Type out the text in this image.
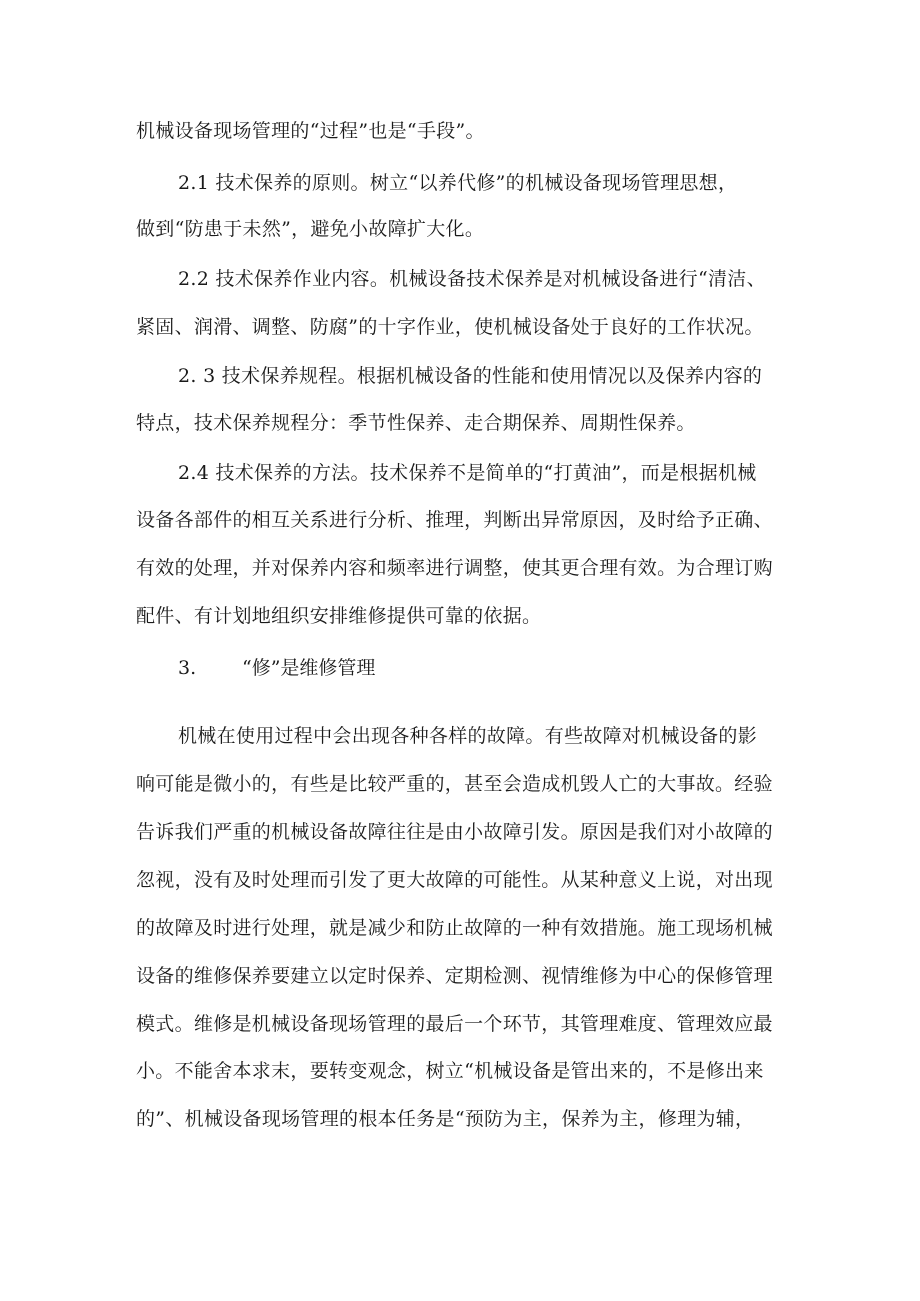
机械设备现场管理的“过程”也是“手段”。

2.1 技术保养的原则。树立“以养代修”的机械设备现场管理思想，

做到“防患于未然”，避免小故障扩大化。

2.2 技术保养作业内容。机械设备技术保养是对机械设备进行“清洁、

紧固、润滑、调整、防腐”的十字作业，使机械设备处于良好的工作状况。

2. 3 技术保养规程。根据机械设备的性能和使用情况以及保养内容的

特点，技术保养规程分：季节性保养、走合期保养、周期性保养。

2.4 技术保养的方法。技术保养不是简单的“打黄油”，而是根据机械

设备各部件的相互关系进行分析、推理，判断出异常原因，及时给予正确、

有效的处理，并对保养内容和频率进行调整，使其更合理有效。为合理订购

配件、有计划地组织安排维修提供可靠的依据。

3. “修”是维修管理

机械在使用过程中会出现各种各样的故障。有些故障对机械设备的影

响可能是微小的，有些是比较严重的，甚至会造成机毁人亡的大事故。经验

告诉我们严重的机械设备故障往往是由小故障引发。原因是我们对小故障的

忽视，没有及时处理而引发了更大故障的可能性。从某种意义上说，对出现

的故障及时进行处理，就是减少和防止故障的一种有效措施。施工现场机械

设备的维修保养要建立以定时保养、定期检测、视情维修为中心的保修管理

模式。维修是机械设备现场管理的最后一个环节，其管理难度、管理效应最

小。不能舍本求末，要转变观念，树立“机械设备是管出来的，不是修出来

的”、机械设备现场管理的根本任务是“预防为主，保养为主，修理为辅，
